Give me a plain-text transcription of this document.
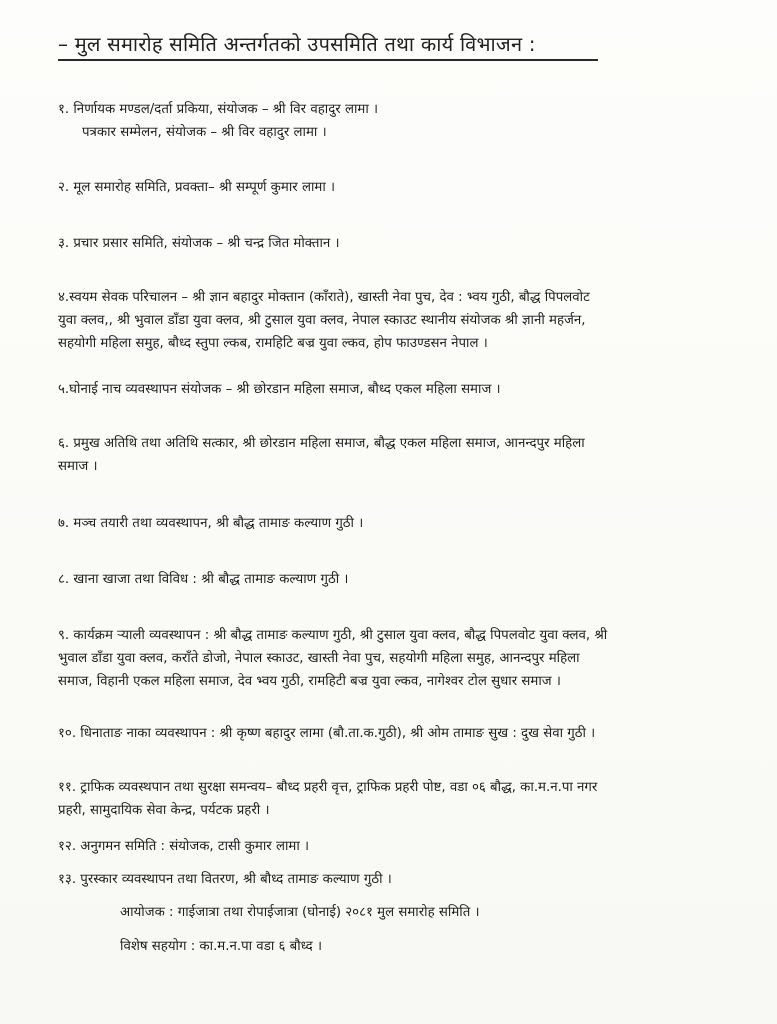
– मुल समारोह समिति अन्तर्गतको उपसमिति तथा कार्य विभाजन :
१. निर्णायक मण्डल/दर्ता प्रकिया, संयोजक – श्री विर वहादुर लामा ।
पत्रकार सम्मेलन, संयोजक – श्री विर वहादुर लामा ।
२. मूल समारोह समिति, प्रवक्ता– श्री सम्पूर्ण कुमार लामा ।
३. प्रचार प्रसार समिति, संयोजक – श्री चन्द्र जित मोक्तान ।
४.स्वयम सेवक परिचालन – श्री ज्ञान बहादुर मोक्तान (काँराते), खास्ती नेवा पुच, देव : भ्वय गुठी, बौद्ध पिपलवोट
युवा क्लव,, श्री भुवाल डाँडा युवा क्लव, श्री टुसाल युवा क्लव, नेपाल स्काउट स्थानीय संयोजक श्री ज्ञानी महर्जन,
सहयोगी महिला समुह, बौध्द स्तुपा ल्कब, रामहिटि बज्र युवा ल्कव, होप फाउण्डसन नेपाल ।
५.घोनाई नाच व्यवस्थापन संयोजक – श्री छोरडान महिला समाज, बौध्द एकल महिला समाज ।
६. प्रमुख अतिथि तथा अतिथि सत्कार, श्री छोरडान महिला समाज, बौद्ध एकल महिला समाज, आनन्दपुर महिला
समाज ।
७. मञ्च तयारी तथा व्यवस्थापन, श्री बौद्ध तामाङ कल्याण गुठी ।
८. खाना खाजा तथा विविध : श्री बौद्ध तामाङ कल्याण गुठी ।
९. कार्यक्रम ऱ्याली व्यवस्थापन : श्री बौद्ध तामाङ कल्याण गुठी, श्री टुसाल युवा क्लव, बौद्ध पिपलवोट युवा क्लव, श्री
भुवाल डाँडा युवा क्लव, कराँते डोजो, नेपाल स्काउट, खास्ती नेवा पुच, सहयोगी महिला समुह, आनन्दपुर महिला
समाज, विहानी एकल महिला समाज, देव भ्वय गुठी, रामहिटी बज्र युवा ल्कव, नागेश्वर टोल सुधार समाज ।
१०. धिनाताङ नाका व्यवस्थापन : श्री कृष्ण बहादुर लामा (बौ.ता.क.गुठी), श्री ओम तामाङ सुख : दुख सेवा गुठी ।
११. ट्राफिक व्यवस्थपान तथा सुरक्षा समन्वय– बौध्द प्रहरी वृत्त, ट्राफिक प्रहरी पोष्ट, वडा ०६ बौद्ध, का.म.न.पा नगर
प्रहरी, सामुदायिक सेवा केन्द्र, पर्यटक प्रहरी ।
१२. अनुगमन समिति : संयोजक, टासी कुमार लामा ।
१३. पुरस्कार व्यवस्थापन तथा वितरण, श्री बौध्द तामाङ कल्याण गुठी ।
आयोजक : गाईजात्रा तथा रोपाईजात्रा (घोनाई) २०८१ मुल समारोह समिति ।
विशेष सहयोग : का.म.न.पा वडा ६ बौध्द ।
